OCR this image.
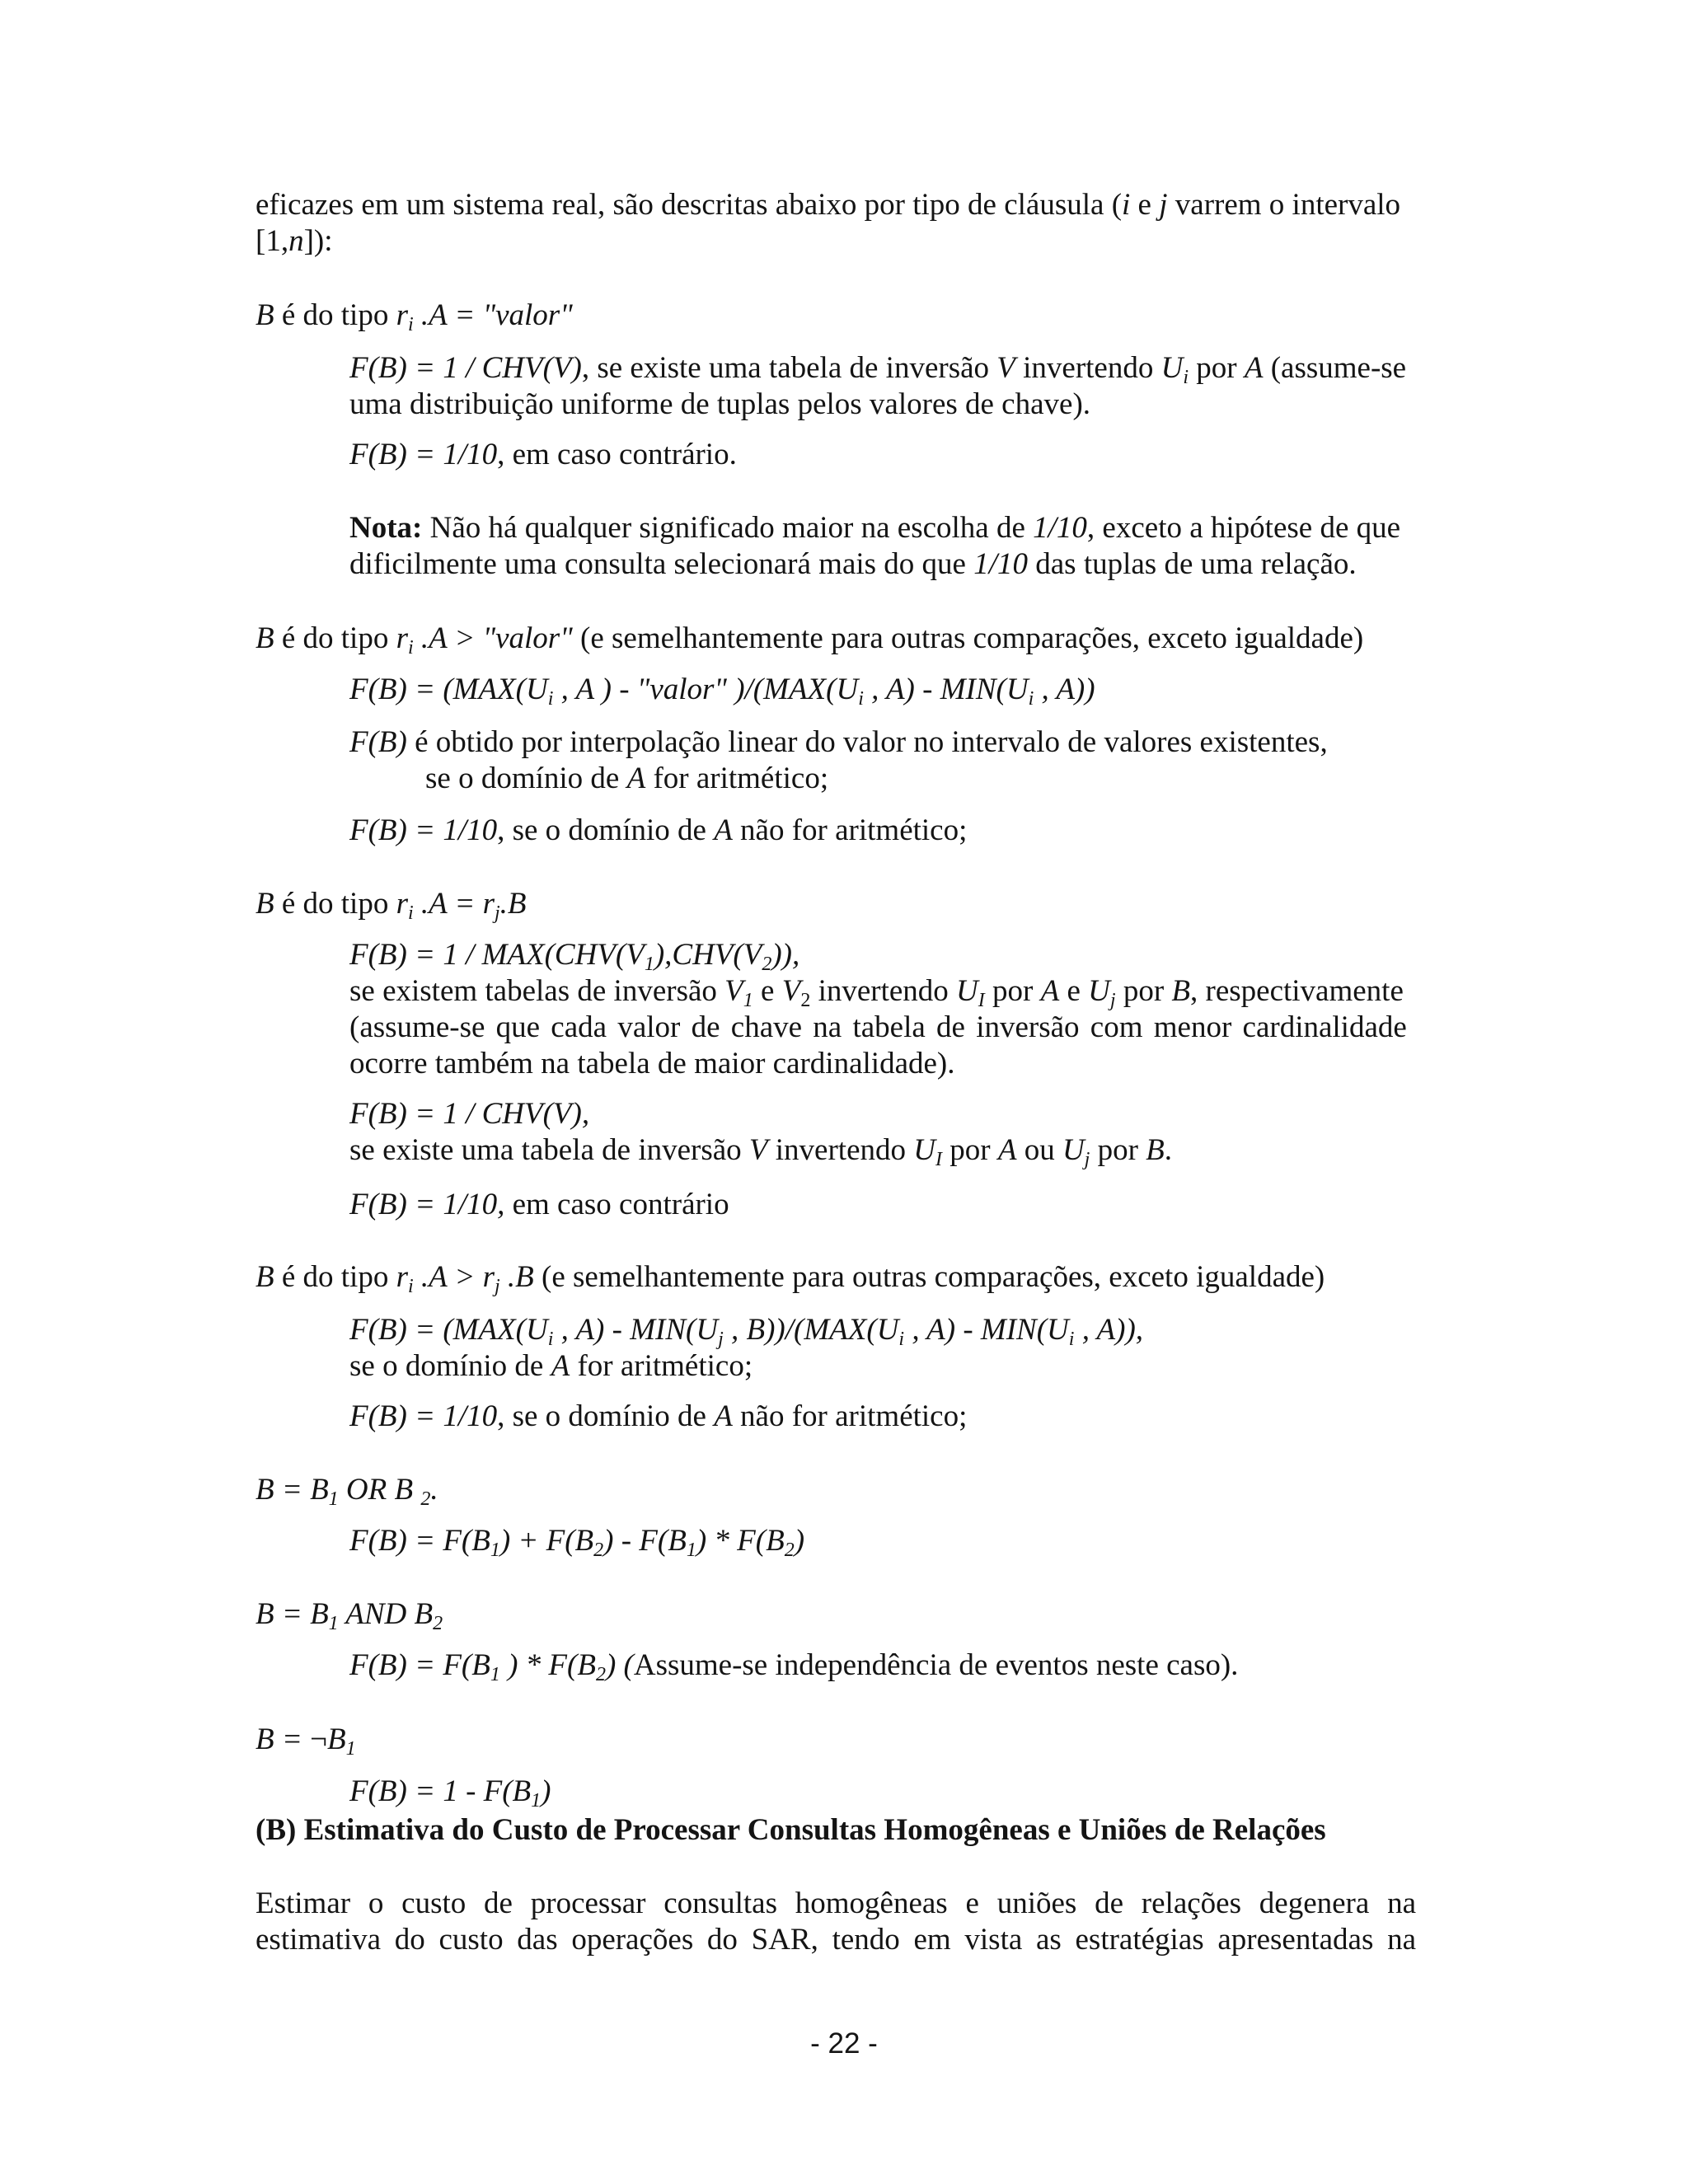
eficazes em um sistema real, são descritas abaixo por tipo de cláusula (i e j varrem o intervalo
[1,n]):
B é do tipo $r_i$ .A = "valor"
F(B) = 1 / CHV(V), se existe uma tabela de inversão V invertendo $U_i$ por A (assume-se
uma distribuição uniforme de tuplas pelos valores de chave).
F(B) = 1/10, em caso contrário.
Nota: Não há qualquer significado maior na escolha de 1/10, exceto a hipótese de que
dificilmente uma consulta selecionará mais do que 1/10 das tuplas de uma relação.
B é do tipo $r_i$ .A > "valor" (e semelhantemente para outras comparações, exceto igualdade)
$F(B) = (MAX(U_i$ , A ) - "valor" )$/(MAX(U_i$ , $A) - MIN(U_i$ , A))
F(B) é obtido por interpolação linear do valor no intervalo de valores existentes,
se o domínio de A for aritmético;
F(B) = 1/10, se o domínio de A não for aritmético;
B é do tipo $r_i$ $.A = r_j.B$
$F(B) = 1 / MAX(CHV(V_1),CHV(V_2))$,
se existem tabelas de inversão $V_1$ e $V_2$ invertendo $U_I$ por A e $U_j$ por B, respectivamente
(assume-se que cada valor de chave na tabela de inversão com menor cardinalidade
ocorre também na tabela de maior cardinalidade).
F(B) = 1 / CHV(V),
se existe uma tabela de inversão V invertendo $U_I$ por A ou $U_j$ por B.
F(B) = 1/10, em caso contrário
B é do tipo $r_i$ $.A > r_j$ .B (e semelhantemente para outras comparações, exceto igualdade)
$F(B) = (MAX(U_i$ , $A) - MIN(U_j$ , $B))/(MAX(U_i$ , $A) - MIN(U_i$ , A)),
se o domínio de A for aritmético;
F(B) = 1/10, se o domínio de A não for aritmético;
$B = B_1$ OR B $_2$.
$F(B) = F(B_1) + F(B_2) - F(B_1) * F(B_2)$
$B = B_1$ AND $B_2$
$F(B) = F(B_1$ ) * $F(B_2)$ (Assume-se independência de eventos neste caso).
$B = \neg B_1$
$F(B) = 1 - F(B_1)$
(B) Estimativa do Custo de Processar Consultas Homogêneas e Uniões de Relações
Estimar o custo de processar consultas homogêneas e uniões de relações degenera na
estimativa do custo das operações do SAR, tendo em vista as estratégias apresentadas na
- 22 -
